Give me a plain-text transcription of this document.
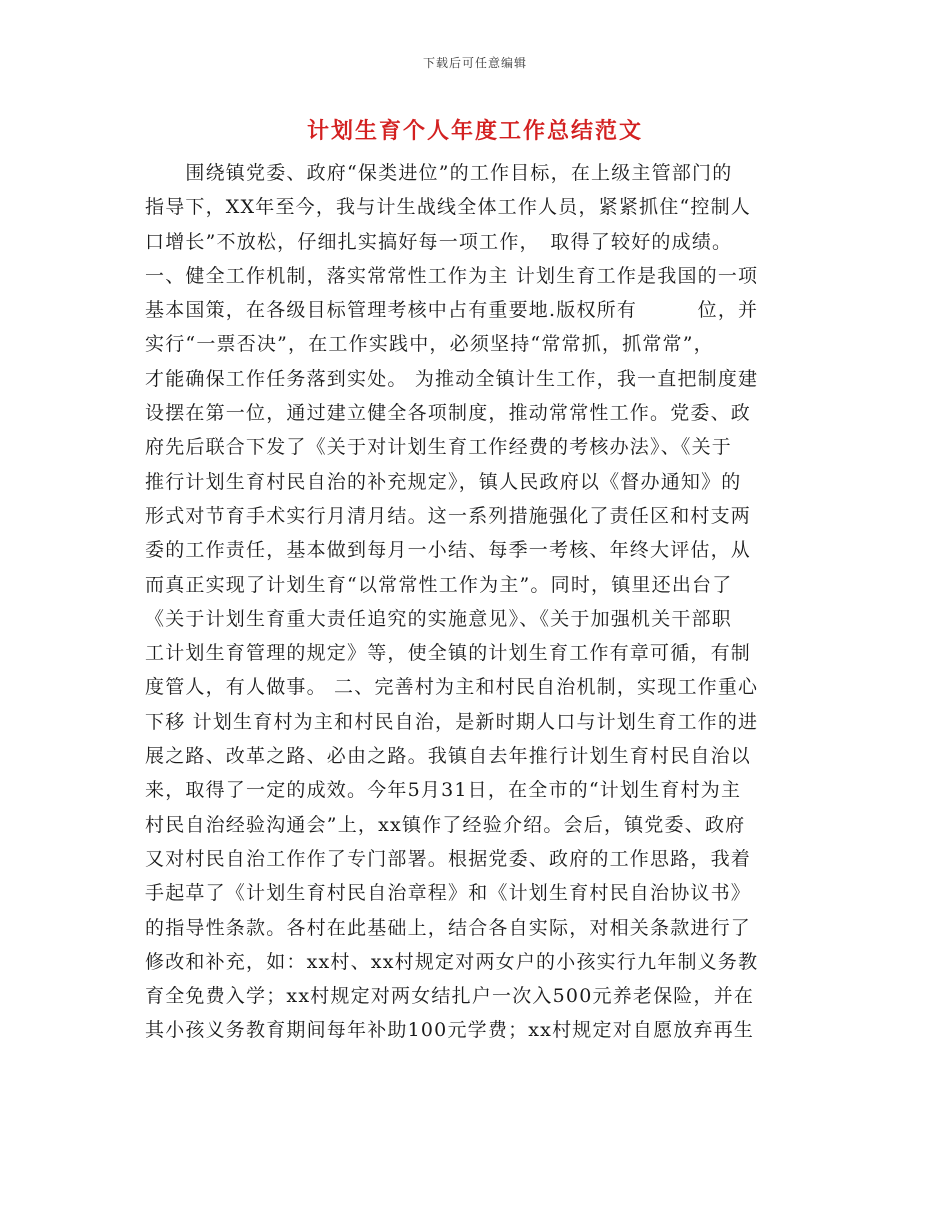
下载后可任意编辑
计划生育个人年度工作总结范文
　　围绕镇党委、政府“保类进位”的工作目标，在上级主管部门的
指导下，XX年至今，我与计生战线全体工作人员，紧紧抓住“控制人
口增长”不放松，仔细扎实搞好每一项工作，　取得了较好的成绩。
一、健全工作机制，落实常常性工作为主 计划生育工作是我国的一项
基本国策，在各级目标管理考核中占有重要地.版权所有　　　位，并
实行“一票否决”，在工作实践中，必须坚持“常常抓，抓常常”，
才能确保工作任务落到实处。 为推动全镇计生工作，我一直把制度建
设摆在第一位，通过建立健全各项制度，推动常常性工作。党委、政
府先后联合下发了《关于对计划生育工作经费的考核办法》、《关于
推行计划生育村民自治的补充规定》，镇人民政府以《督办通知》的
形式对节育手术实行月清月结。这一系列措施强化了责任区和村支两
委的工作责任，基本做到每月一小结、每季一考核、年终大评估，从
而真正实现了计划生育“以常常性工作为主”。同时，镇里还出台了
《关于计划生育重大责任追究的实施意见》、《关于加强机关干部职
工计划生育管理的规定》等，使全镇的计划生育工作有章可循，有制
度管人，有人做事。 二、完善村为主和村民自治机制，实现工作重心
下移 计划生育村为主和村民自治，是新时期人口与计划生育工作的进
展之路、改革之路、必由之路。我镇自去年推行计划生育村民自治以
来，取得了一定的成效。今年5月31日，在全市的“计划生育村为主
村民自治经验沟通会”上，xx镇作了经验介绍。会后，镇党委、政府
又对村民自治工作作了专门部署。根据党委、政府的工作思路，我着
手起草了《计划生育村民自治章程》和《计划生育村民自治协议书》
的指导性条款。各村在此基础上，结合各自实际，对相关条款进行了
修改和补充，如：xx村、xx村规定对两女户的小孩实行九年制义务教
育全免费入学；xx村规定对两女结扎户一次入500元养老保险，并在
其小孩义务教育期间每年补助100元学费；xx村规定对自愿放弃再生
